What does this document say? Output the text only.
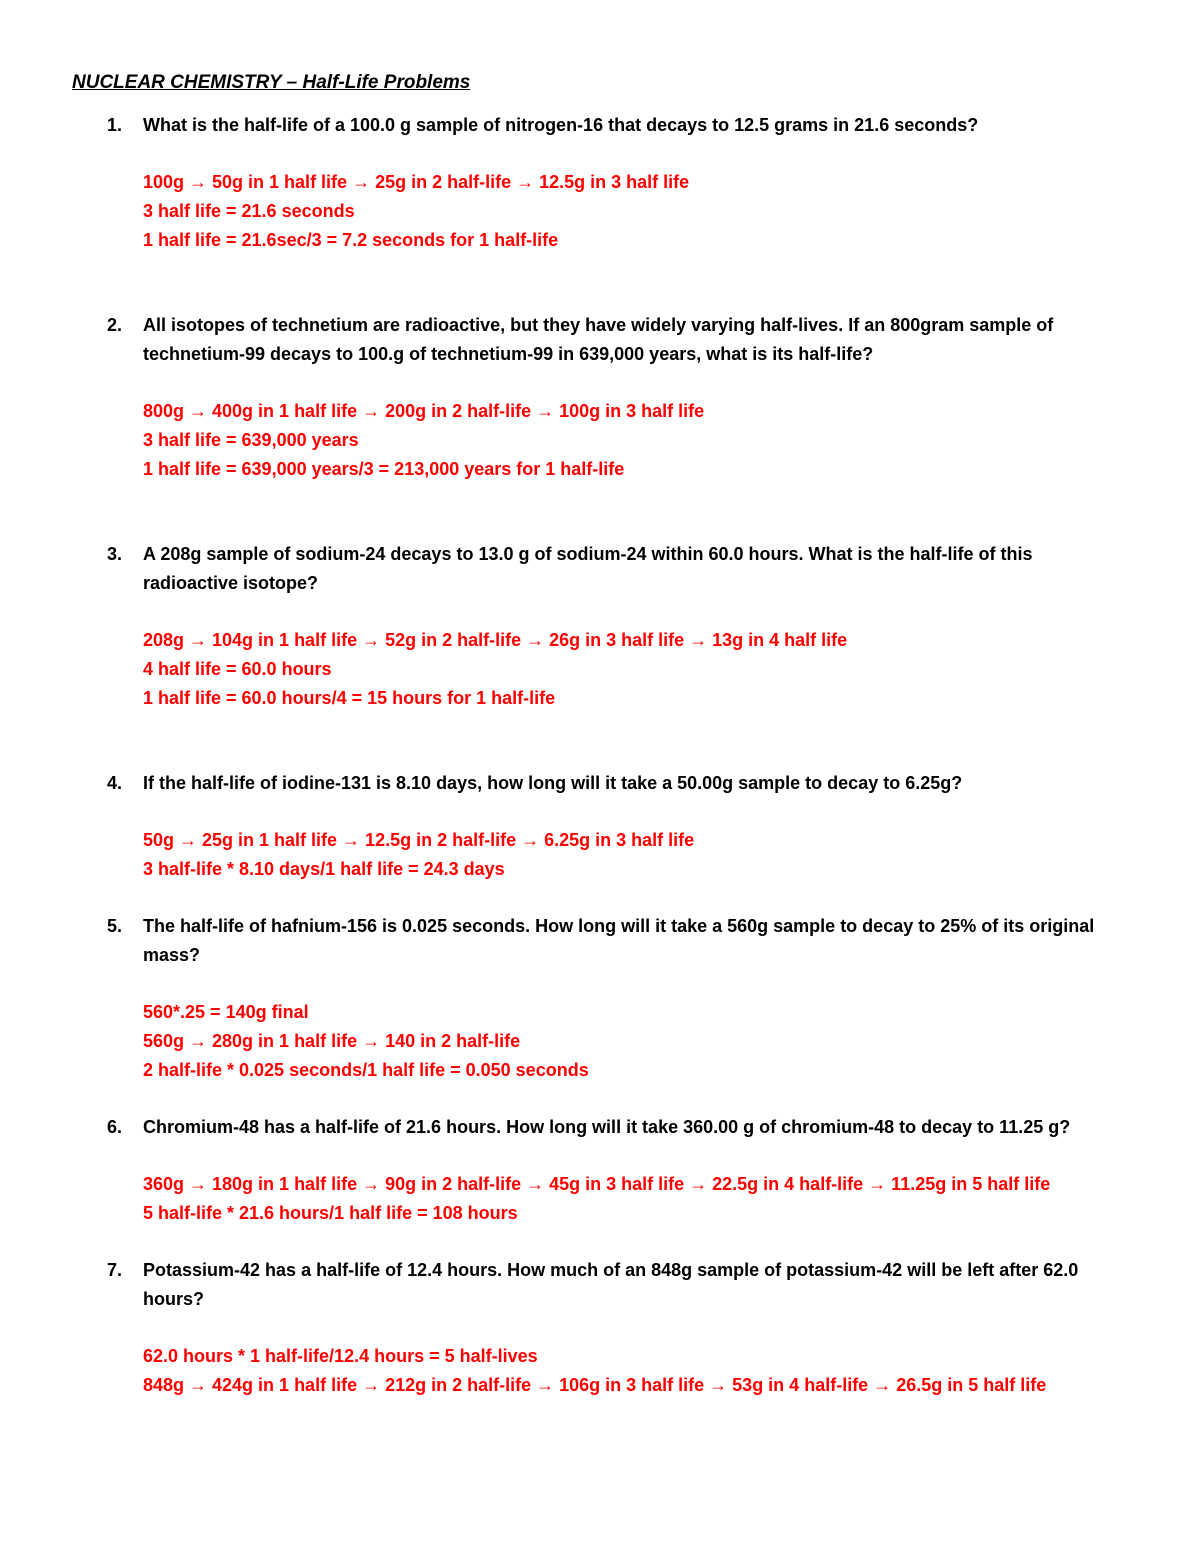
NUCLEAR CHEMISTRY – Half-Life Problems
1.	What is the half-life of a 100.0 g sample of nitrogen-16 that decays to 12.5 grams in 21.6 seconds?
100g → 50g in 1 half life → 25g in 2 half-life → 12.5g in 3 half life
3 half life = 21.6 seconds
1 half life = 21.6sec/3 = 7.2 seconds for 1 half-life
2.	All isotopes of technetium are radioactive, but they have widely varying half-lives. If an 800gram sample of technetium-99 decays to 100.g of technetium-99 in 639,000 years, what is its half-life?
800g → 400g in 1 half life → 200g in 2 half-life → 100g in 3 half life
3 half life = 639,000 years
1 half life = 639,000 years/3 = 213,000 years for 1 half-life
3.	A 208g sample of sodium-24 decays to 13.0 g of sodium-24 within 60.0 hours. What is the half-life of this radioactive isotope?
208g → 104g in 1 half life → 52g in 2 half-life → 26g in 3 half life → 13g in 4 half life
4 half life = 60.0 hours
1 half life = 60.0 hours/4 = 15 hours for 1 half-life
4.	If the half-life of iodine-131 is 8.10 days, how long will it take a 50.00g sample to decay to 6.25g?
50g → 25g in 1 half life → 12.5g in 2 half-life → 6.25g in 3 half life
3 half-life * 8.10 days/1 half life = 24.3 days
5.	The half-life of hafnium-156 is 0.025 seconds. How long will it take a 560g sample to decay to 25% of its original mass?
560*.25 = 140g final
560g → 280g in 1 half life → 140 in 2 half-life
2 half-life * 0.025 seconds/1 half life = 0.050 seconds
6.	Chromium-48 has a half-life of 21.6 hours. How long will it take 360.00 g of chromium-48 to decay to 11.25 g?
360g → 180g in 1 half life → 90g in 2 half-life → 45g in 3 half life → 22.5g in 4 half-life → 11.25g in 5 half life
5 half-life * 21.6 hours/1 half life = 108 hours
7.	Potassium-42 has a half-life of 12.4 hours. How much of an 848g sample of potassium-42 will be left after 62.0 hours?
62.0 hours * 1 half-life/12.4 hours = 5 half-lives
848g → 424g in 1 half life → 212g in 2 half-life → 106g in 3 half life → 53g in 4 half-life → 26.5g in 5 half life
